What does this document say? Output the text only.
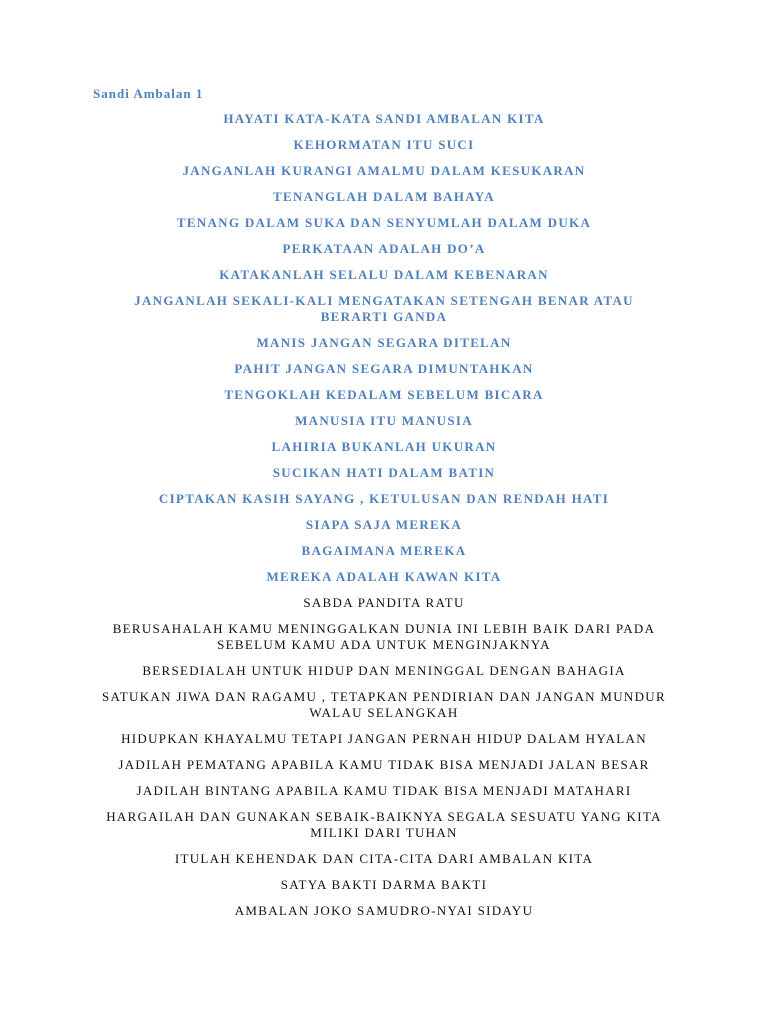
Sandi Ambalan 1
HAYATI KATA-KATA SANDI AMBALAN KITA
KEHORMATAN ITU SUCI
JANGANLAH KURANGI AMALMU DALAM KESUKARAN
TENANGLAH DALAM BAHAYA
TENANG DALAM SUKA DAN SENYUMLAH DALAM DUKA
PERKATAAN ADALAH DO’A
KATAKANLAH SELALU DALAM KEBENARAN
JANGANLAH SEKALI-KALI MENGATAKAN SETENGAH BENAR ATAU BERARTI GANDA
MANIS JANGAN SEGARA DITELAN
PAHIT JANGAN SEGARA DIMUNTAHKAN
TENGOKLAH KEDALAM SEBELUM BICARA
MANUSIA ITU MANUSIA
LAHIRIA BUKANLAH UKURAN
SUCIKAN HATI DALAM BATIN
CIPTAKAN KASIH SAYANG , KETULUSAN DAN RENDAH HATI
SIAPA SAJA MEREKA
BAGAIMANA MEREKA
MEREKA ADALAH KAWAN KITA
SABDA PANDITA RATU
BERUSAHALAH KAMU MENINGGALKAN DUNIA INI LEBIH BAIK DARI PADA SEBELUM KAMU ADA UNTUK MENGINJAKNYA
BERSEDIALAH UNTUK HIDUP DAN MENINGGAL DENGAN BAHAGIA
SATUKAN JIWA DAN RAGAMU , TETAPKAN PENDIRIAN DAN JANGAN MUNDUR WALAU SELANGKAH
HIDUPKAN KHAYALMU TETAPI JANGAN PERNAH HIDUP DALAM HYALAN
JADILAH PEMATANG APABILA KAMU TIDAK BISA MENJADI JALAN BESAR
JADILAH BINTANG APABILA KAMU TIDAK BISA MENJADI MATAHARI
HARGAILAH DAN GUNAKAN SEBAIK-BAIKNYA SEGALA SESUATU YANG KITA MILIKI DARI TUHAN
ITULAH KEHENDAK DAN CITA-CITA DARI AMBALAN KITA
SATYA BAKTI DARMA BAKTI
AMBALAN JOKO SAMUDRO-NYAI SIDAYU
